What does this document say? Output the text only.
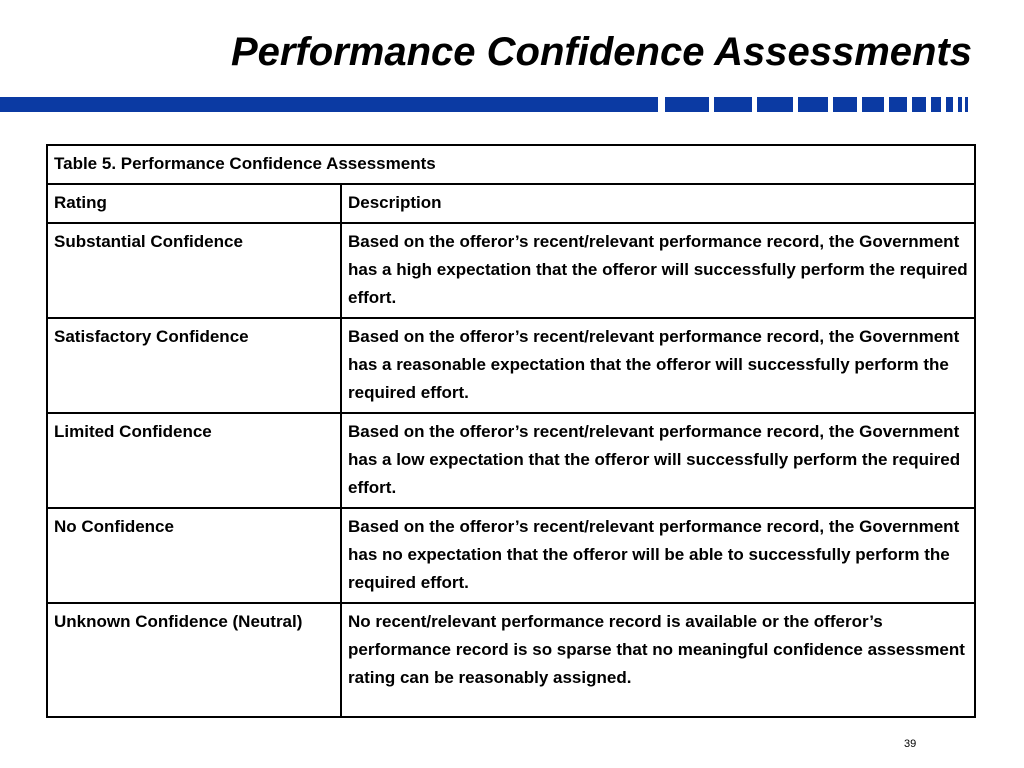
Performance Confidence Assessments
Table 5. Performance Confidence Assessments	
Rating	Description
Substantial Confidence	Based on the offeror’s recent/relevant performance record, the Government has a high expectation that the offeror will successfully perform the required effort.
Satisfactory Confidence	Based on the offeror’s recent/relevant performance record, the Government has a reasonable expectation that the offeror will successfully perform the required effort.
Limited Confidence	Based on the offeror’s recent/relevant performance record, the Government has a low expectation that the offeror will successfully perform the required effort.
No Confidence	Based on the offeror’s recent/relevant performance record, the Government has no expectation that the offeror will be able to successfully perform the required effort.
Unknown Confidence (Neutral)	No recent/relevant performance record is available or the offeror’s performance record is so sparse that no meaningful confidence assessment rating can be reasonably assigned.
39
